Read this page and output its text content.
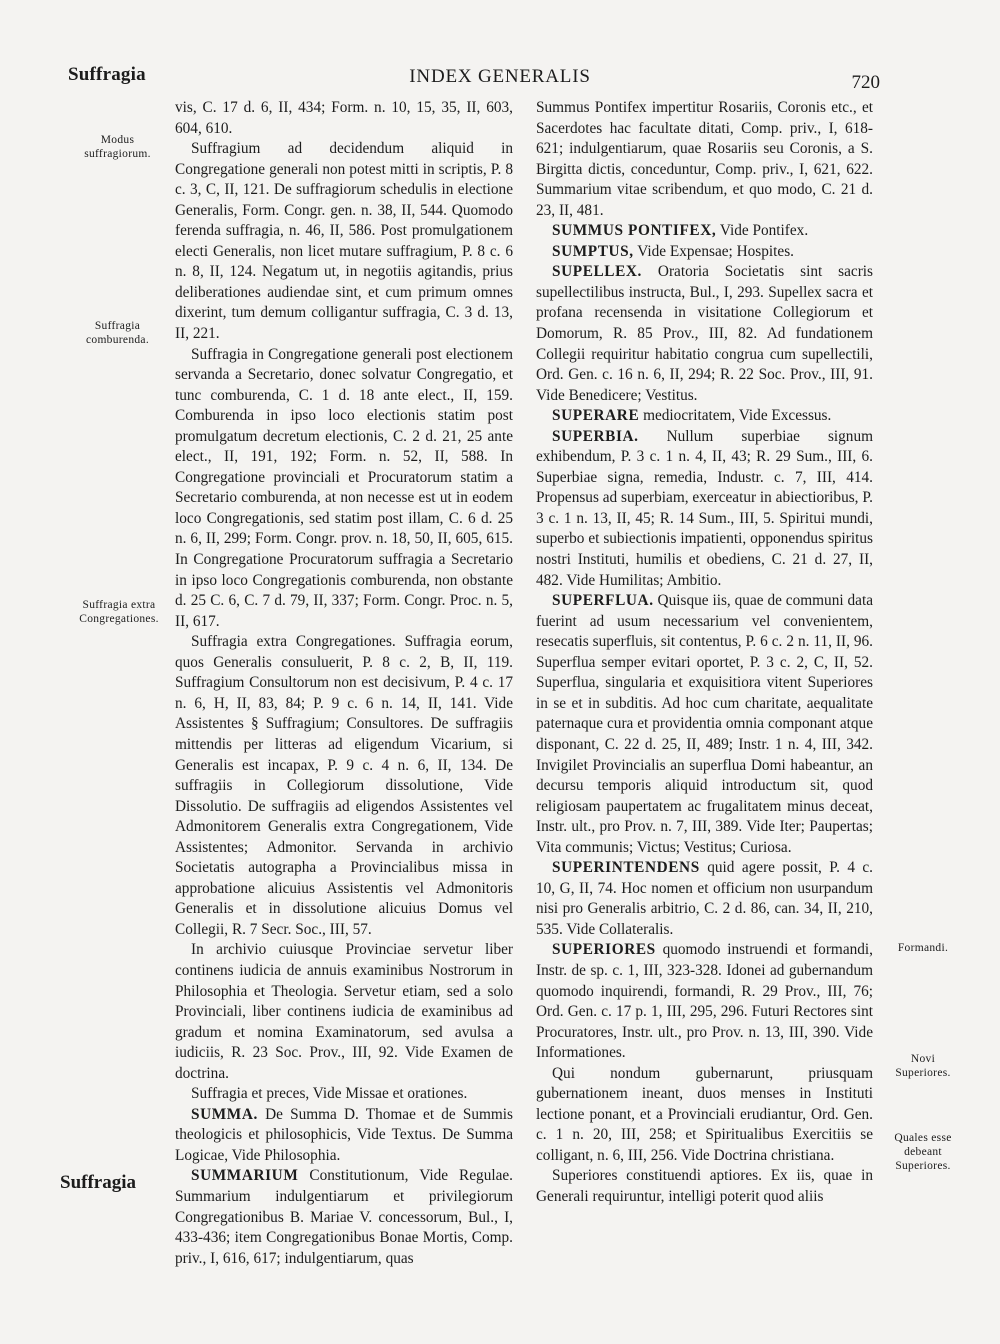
Suffragia	INDEX GENERALIS	720
Modus suffragiorum.
Suffragia comburenda.
Suffragia extra Congregationes.
Formandi.
Novi Superiores.
Quales esse debeant Superiores.

vis, C. 17 d. 6, II, 434; Form. n. 10, 15, 35, II, 603, 604, 610.

Suffragium ad decidendum aliquid in Congregatione generali non potest mitti in scriptis, P. 8 c. 3, C, II, 121. De suffragiorum schedulis in electione Generalis, Form. Congr. gen. n. 38, II, 544. Quomodo ferenda suffragia, n. 46, II, 586. Post promulgationem electi Generalis, non licet mutare suffragium, P. 8 c. 6 n. 8, II, 124. Negatum ut, in negotiis agitandis, prius deliberationes audiendae sint, et cum primum omnes dixerint, tum demum colligantur suffragia, C. 3 d. 13, II, 221.

Suffragia in Congregatione generali post electionem servanda a Secretario, donec solvatur Congregatio, et tunc comburenda, C. 1 d. 18 ante elect., II, 159. Comburenda in ipso loco electionis statim post promulgatum decretum electionis, C. 2 d. 21, 25 ante elect., II, 191, 192; Form. n. 52, II, 588. In Congregatione provinciali et Procuratorum statim a Secretario comburenda, at non necesse est ut in eodem loco Congregationis, sed statim post illam, C. 6 d. 25 n. 6, II, 299; Form. Congr. prov. n. 18, 50, II, 605, 615. In Congregatione Procuratorum suffragia a Secretario in ipso loco Congregationis comburenda, non obstante d. 25 C. 6, C. 7 d. 79, II, 337; Form. Congr. Proc. n. 5, II, 617.

Suffragia extra Congregationes. Suffragia eorum, quos Generalis consuluerit, P. 8 c. 2, B, II, 119. Suffragium Consultorum non est decisivum, P. 4 c. 17 n. 6, H, II, 83, 84; P. 9 c. 6 n. 14, II, 141. Vide Assistentes § Suffragium; Consultores. De suffragiis mittendis per litteras ad eligendum Vicarium, si Generalis est incapax, P. 9 c. 4 n. 6, II, 134. De suffragiis in Collegiorum dissolutione, Vide Dissolutio. De suffragiis ad eligendos Assistentes vel Admonitorem Generalis extra Congregationem, Vide Assistentes; Admonitor. Servanda in archivio Societatis autographa a Provincialibus missa in approbatione alicuius Assistentis vel Admonitoris Generalis et in dissolutione alicuius Domus vel Collegii, R. 7 Secr. Soc., III, 57.

In archivio cuiusque Provinciae servetur liber continens iudicia de annuis examinibus Nostrorum in Philosophia et Theologia. Servetur etiam, sed a solo Provinciali, liber continens iudicia de examinibus ad gradum et nomina Examinatorum, sed avulsa a iudiciis, R. 23 Soc. Prov., III, 92. Vide Examen de doctrina.

Suffragia et preces, Vide Missae et orationes.

SUMMA. De Summa D. Thomae et de Summis theologicis et philosophicis, Vide Textus. De Summa Logicae, Vide Philosophia.

SUMMARIUM Constitutionum, Vide Regulae. Summarium indulgentiarum et privilegiorum Congregationibus B. Mariae V. concessorum, Bul., I, 433-436; item Congregationibus Bonae Mortis, Comp. priv., I, 616, 617; indulgentiarum, quas

Summus Pontifex impertitur Rosariis, Coronis etc., et Sacerdotes hac facultate ditati, Comp. priv., I, 618-621; indulgentiarum, quae Rosariis seu Coronis, a S. Birgitta dictis, conceduntur, Comp. priv., I, 621, 622. Summarium vitae scribendum, et quo modo, C. 21 d. 23, II, 481.

SUMMUS PONTIFEX, Vide Pontifex.

SUMPTUS, Vide Expensae; Hospites.

SUPELLEX. Oratoria Societatis sint sacris supellectilibus instructa, Bul., I, 293. Supellex sacra et profana recensenda in visitatione Collegiorum et Domorum, R. 85 Prov., III, 82. Ad fundationem Collegii requiritur habitatio congrua cum supellectili, Ord. Gen. c. 16 n. 6, II, 294; R. 22 Soc. Prov., III, 91. Vide Benedicere; Vestitus.

SUPERARE mediocritatem, Vide Excessus.

SUPERBIA. Nullum superbiae signum exhibendum, P. 3 c. 1 n. 4, II, 43; R. 29 Sum., III, 6. Superbiae signa, remedia, Industr. c. 7, III, 414. Propensus ad superbiam, exerceatur in abiectioribus, P. 3 c. 1 n. 13, II, 45; R. 14 Sum., III, 5. Spiritui mundi, superbo et subiectionis impatienti, opponendus spiritus nostri Instituti, humilis et obediens, C. 21 d. 27, II, 482. Vide Humilitas; Ambitio.

SUPERFLUA. Quisque iis, quae de communi data fuerint ad usum necessarium vel convenientem, resecatis superfluis, sit contentus, P. 6 c. 2 n. 11, II, 96. Superflua semper evitari oportet, P. 3 c. 2, C, II, 52. Superflua, singularia et exquisitiora vitent Superiores in se et in subditis. Ad hoc cum charitate, aequalitate paternaque cura et providentia omnia componant atque disponant, C. 22 d. 25, II, 489; Instr. 1 n. 4, III, 342. Invigilet Provincialis an superflua Domi habeantur, an decursu temporis aliquid introductum sit, quod religiosam paupertatem ac frugalitatem minus deceat, Instr. ult., pro Prov. n. 7, III, 389. Vide Iter; Paupertas; Vita communis; Victus; Vestitus; Curiosa.

SUPERINTENDENS quid agere possit, P. 4 c. 10, G, II, 74. Hoc nomen et officium non usurpandum nisi pro Generalis arbitrio, C. 2 d. 86, can. 34, II, 210, 535. Vide Collateralis.

SUPERIORES quomodo instruendi et formandi, Instr. de sp. c. 1, III, 323-328. Idonei ad gubernandum quomodo inquirendi, formandi, R. 29 Prov., III, 76; Ord. Gen. c. 17 p. 1, III, 295, 296. Futuri Rectores sint Procuratores, Instr. ult., pro Prov. n. 13, III, 390. Vide Informationes.

Qui nondum gubernarunt, priusquam gubernationem ineant, duos menses in Instituti lectione ponant, et a Provinciali erudiantur, Ord. Gen. c. 1 n. 20, III, 258; et Spiritualibus Exercitiis se colligant, n. 6, III, 256. Vide Doctrina christiana.

Superiores constituendi aptiores. Ex iis, quae in Generali requiruntur, intelligi poterit quod aliis

Suffragia
